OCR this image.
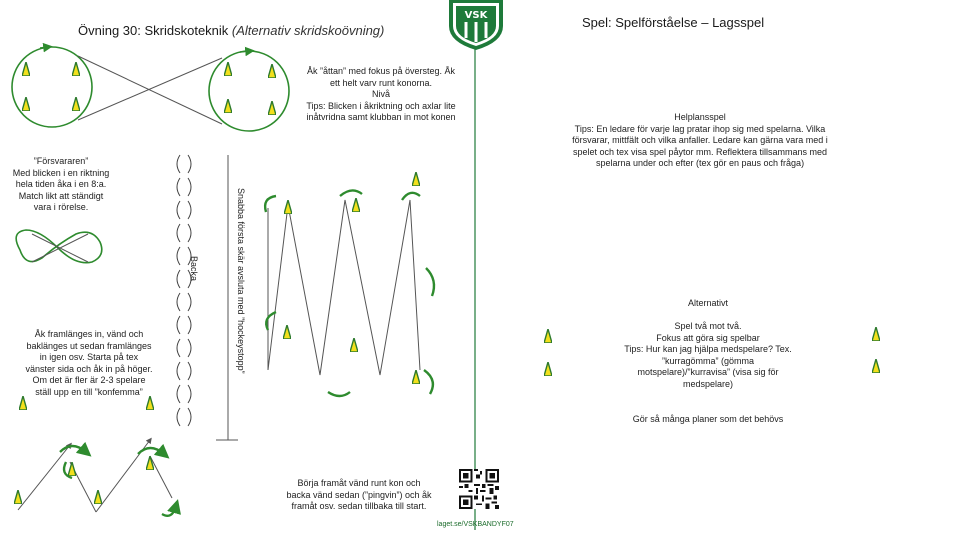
Övning 30: Skridskoteknik (Alternativ skridskoövning)
Spel: Spelförståelse – Lagsspel
VSK
laget.se/VSKBANDYF07
Åk ”åttan” med fokus på översteg. Åk
ett helt varv runt konorna.
Nivå
Tips: Blicken i åkriktning och axlar lite
inåtvridna samt klubban in mot konen
”Försvararen”
Med blicken i en riktning
hela tiden åka i en 8:a.
Match likt att ständigt
vara i rörelse.
Åk framlänges in, vänd och
baklänges ut sedan framlänges
in igen osv. Starta på tex
vänster sida och åk in på höger.
Om det är fler är 2-3 spelare
ställ upp en till ”konfemma”
Backa	Snabba första skär avsluta med ”hockeystopp”
Helplansspel
Tips: En ledare för varje lag pratar ihop sig med spelarna. Vilka
försvarar, mittfält och vilka anfaller. Ledare kan gärna vara med i
spelet och tex visa spel påytor mm. Reflektera tillsammans med
spelarna under och efter (tex gör en paus och fråga)
Alternativt
Spel två mot två.
Fokus att göra sig spelbar
Tips: Hur kan jag hjälpa medspelare? Tex.
”kurragömma” (gömma
motspelare)/”kurravisa” (visa sig för
medspelare)
Gör så många planer som det behövs
Börja framåt vänd runt kon och
backa vänd sedan (”pingvin”) och åk
framåt osv. sedan tillbaka till start.
